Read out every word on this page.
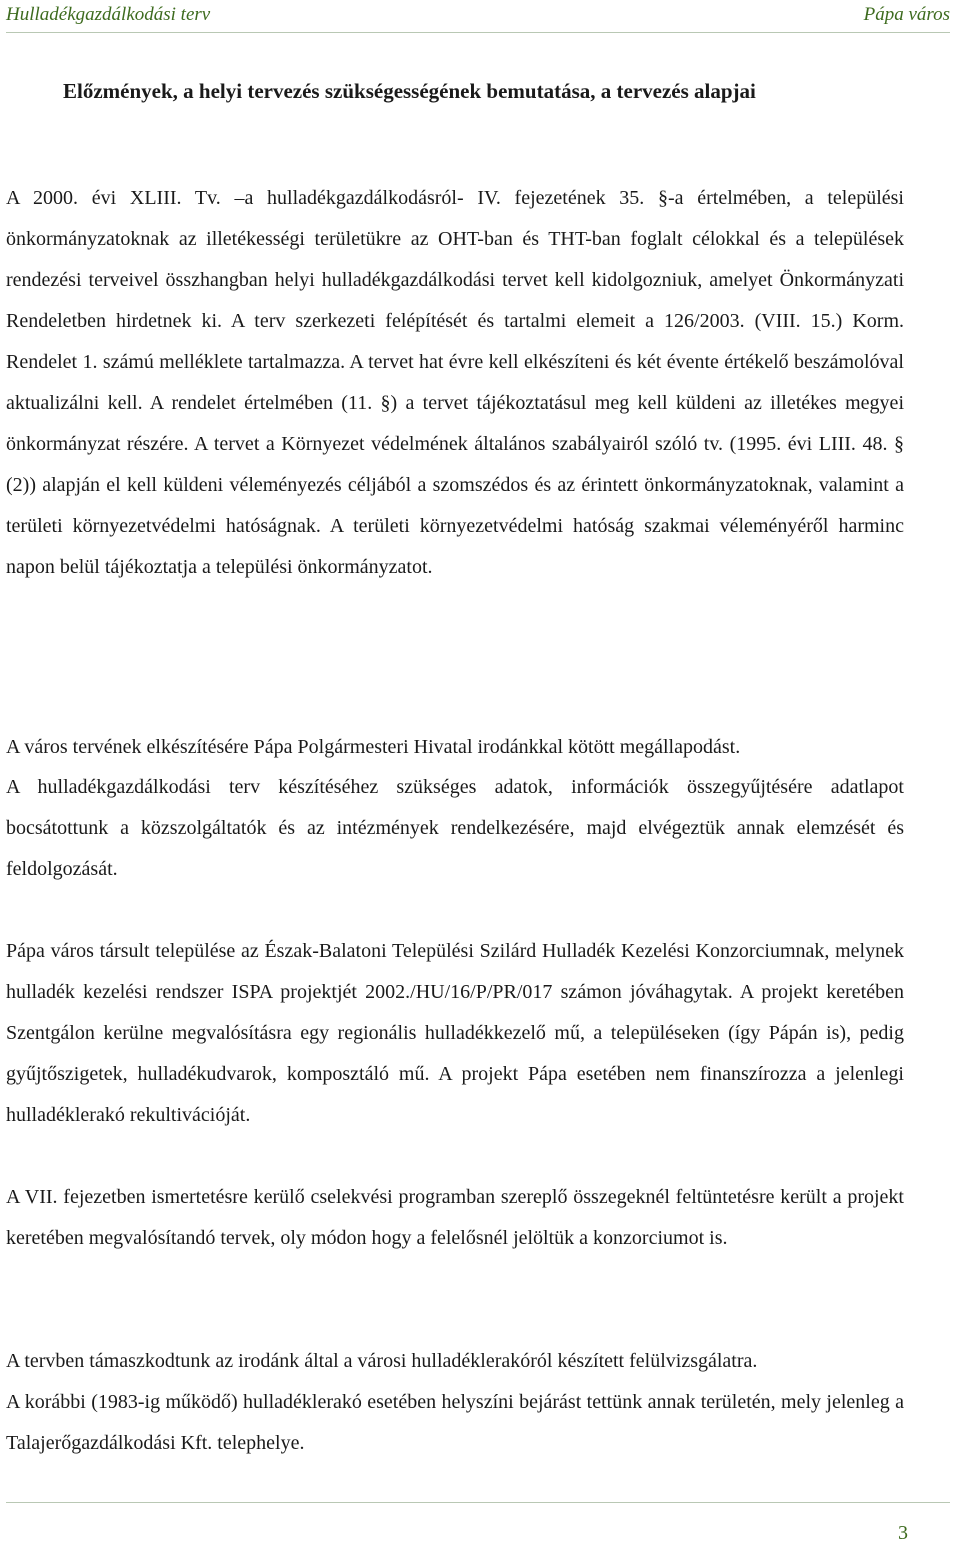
Hulladékgazdálkodási terv	Pápa város
Előzmények, a helyi tervezés szükségességének bemutatása, a tervezés alapjai

A 2000. évi XLIII. Tv. –a hulladékgazdálkodásról- IV. fejezetének 35. §-a értelmében, a települési önkormányzatoknak az illetékességi területükre az OHT-ban és THT-ban foglalt célokkal és a települések rendezési terveivel összhangban helyi hulladékgazdálkodási tervet kell kidolgozniuk, amelyet Önkormányzati Rendeletben hirdetnek ki. A terv szerkezeti felépítését és tartalmi elemeit a 126/2003. (VIII. 15.) Korm. Rendelet 1. számú melléklete tartalmazza. A tervet hat évre kell elkészíteni és két évente értékelő beszámolóval aktualizálni kell. A rendelet értelmében (11. §) a tervet tájékoztatásul meg kell küldeni az illetékes megyei önkormányzat részére. A tervet a Környezet védelmének általános szabályairól szóló tv. (1995. évi LIII. 48. § (2)) alapján el kell küldeni véleményezés céljából a szomszédos és az érintett önkormányzatoknak, valamint a területi környezetvédelmi hatóságnak. A területi környezetvédelmi hatóság szakmai véleményéről harminc napon belül tájékoztatja a települési önkormányzatot.

A város tervének elkészítésére Pápa Polgármesteri Hivatal irodánkkal kötött megállapodást.

A hulladékgazdálkodási terv készítéséhez szükséges adatok, információk összegyűjtésére adatlapot bocsátottunk a közszolgáltatók és az intézmények rendelkezésére, majd elvégeztük annak elemzését és feldolgozását.

Pápa város társult települése az Észak-Balatoni Települési Szilárd Hulladék Kezelési Konzorciumnak, melynek hulladék kezelési rendszer ISPA projektjét 2002./HU/16/P/PR/017 számon jóváhagytak. A projekt keretében Szentgálon kerülne megvalósításra egy regionális hulladékkezelő mű, a településeken (így Pápán is), pedig gyűjtőszigetek, hulladékudvarok, komposztáló mű. A projekt Pápa esetében nem finanszírozza a jelenlegi hulladéklerakó rekultivációját.

A VII. fejezetben ismertetésre kerülő cselekvési programban szereplő összegeknél feltüntetésre került a projekt keretében megvalósítandó tervek, oly módon hogy a felelősnél jelöltük a konzorciumot is.

A tervben támaszkodtunk az irodánk által a városi hulladéklerakóról készített felülvizsgálatra.

A korábbi (1983-ig működő) hulladéklerakó esetében helyszíni bejárást tettünk annak területén, mely jelenleg a Talajerőgazdálkodási Kft. telephelye.

3
